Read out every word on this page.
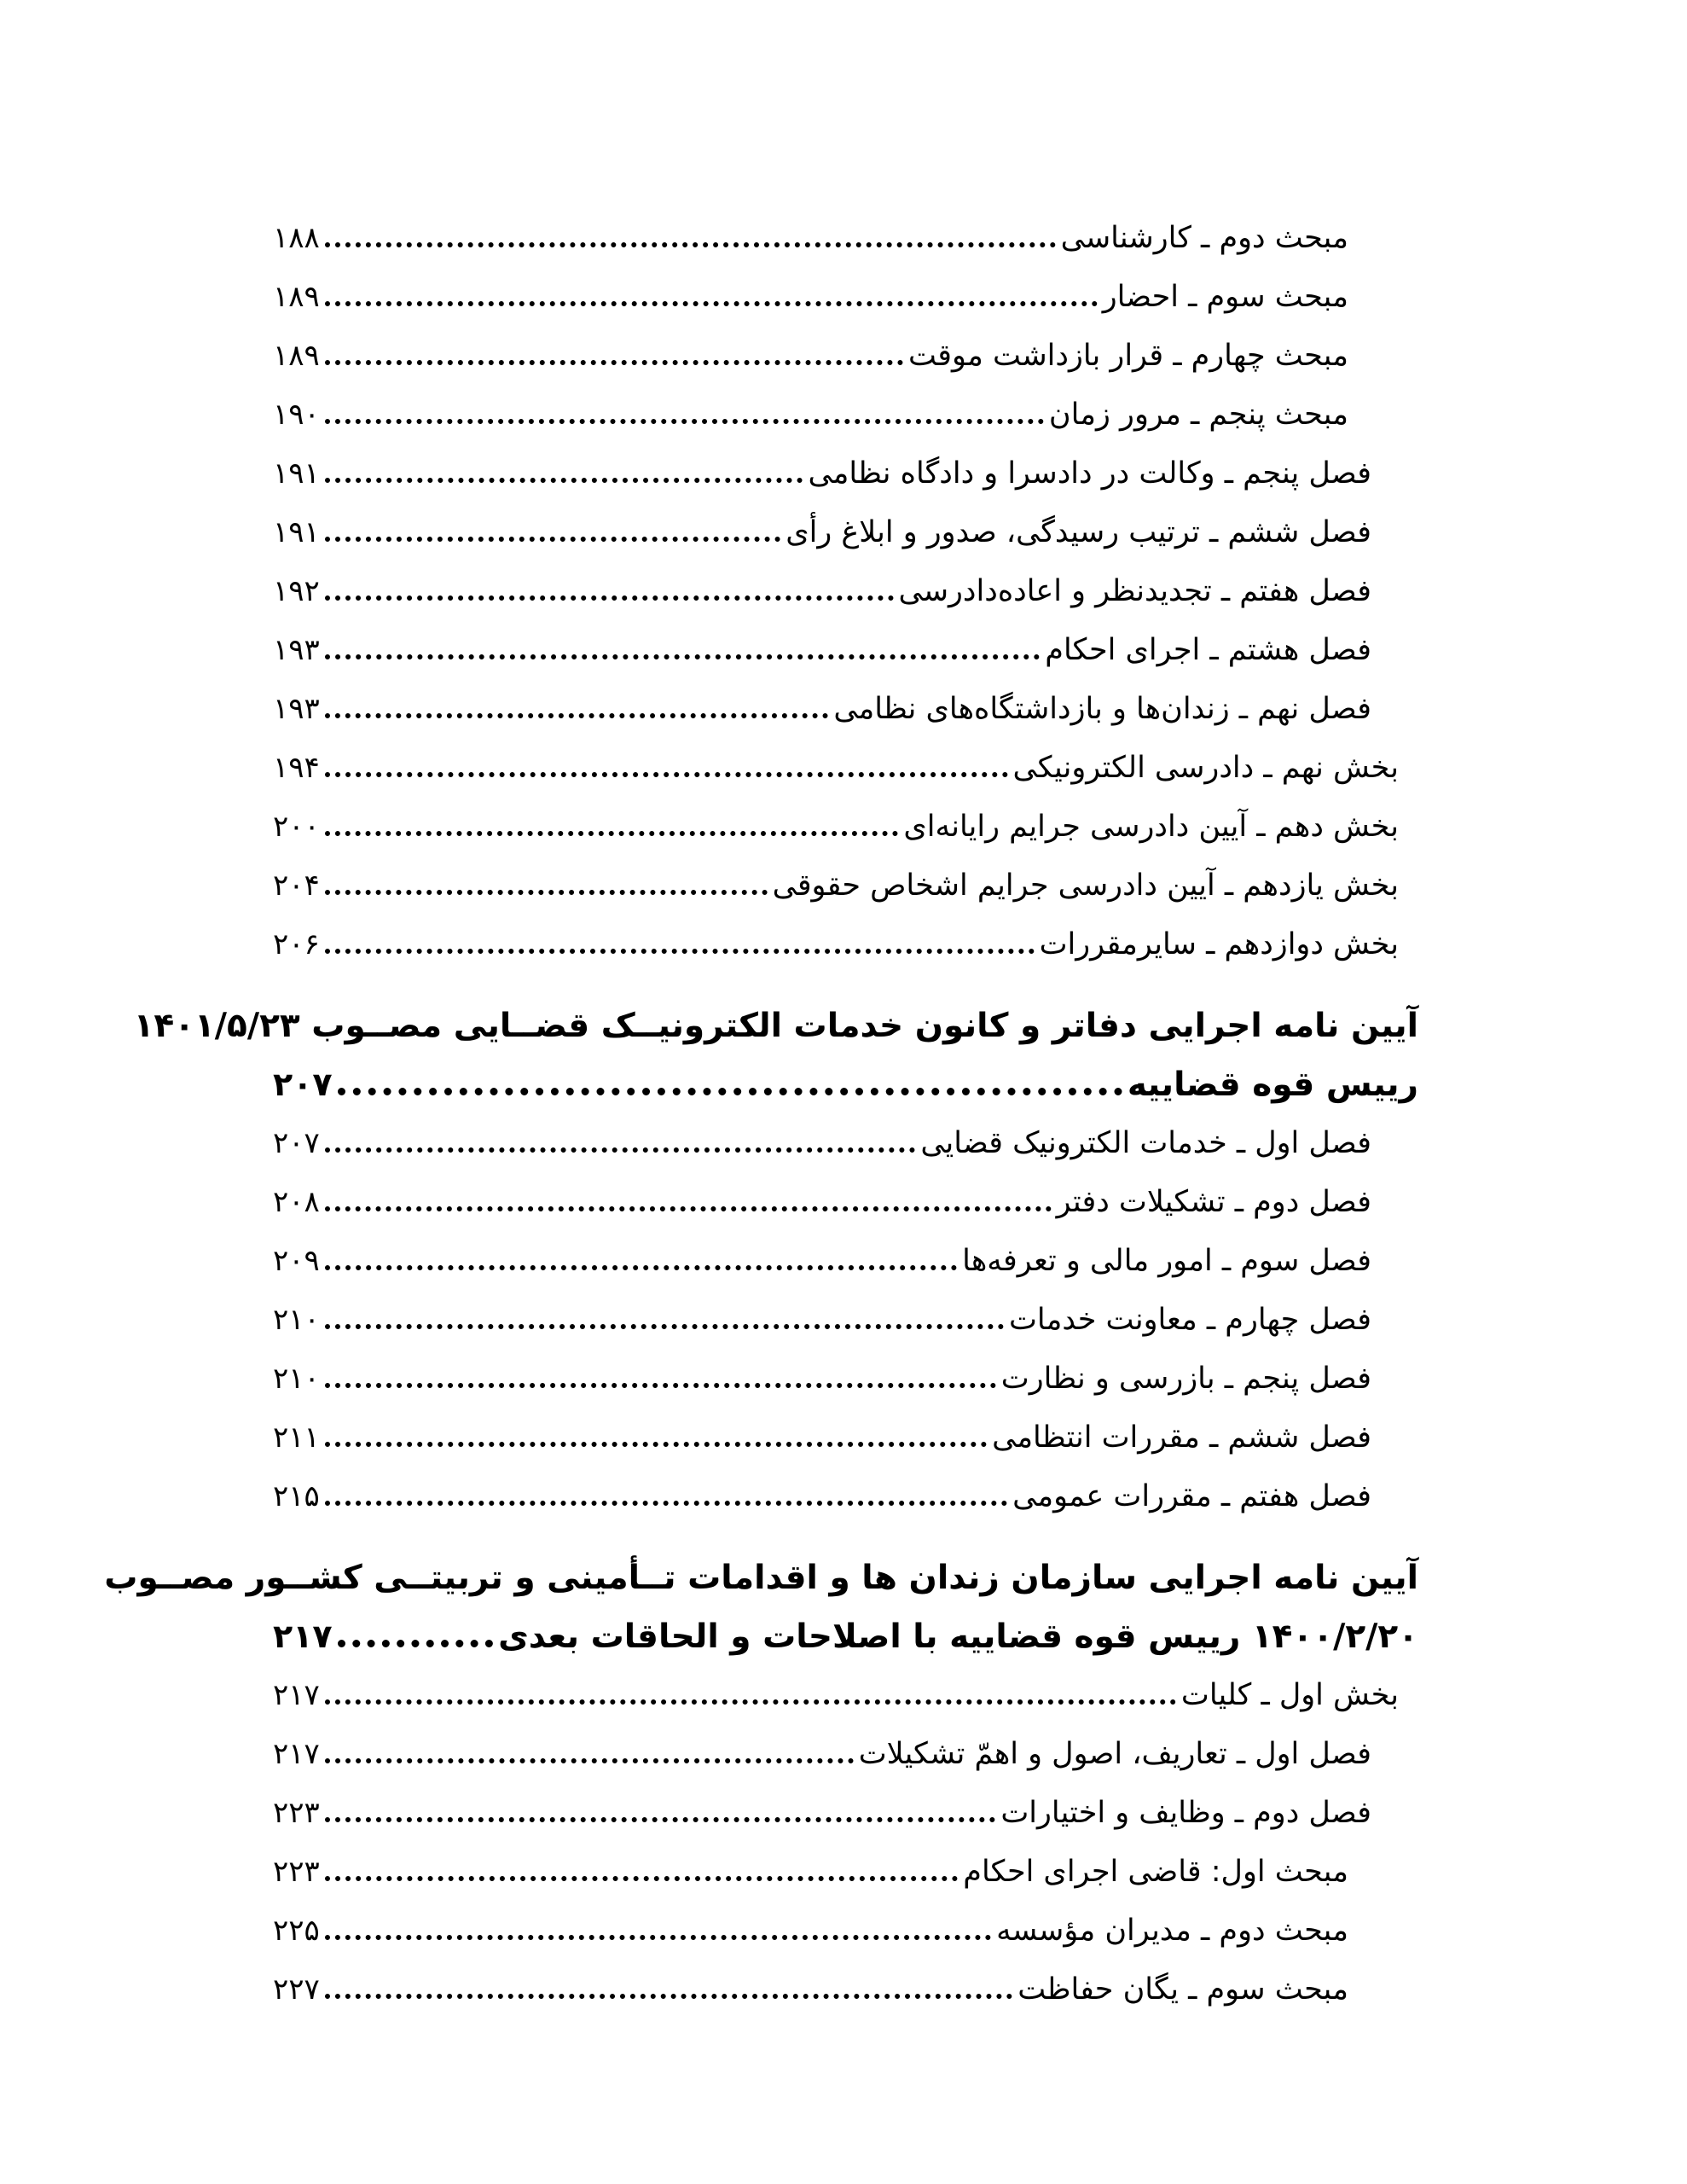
مبحث دوم ـ کارشناسی
۱۸۸
مبحث سوم ـ احضار
۱۸۹
مبحث چهارم ـ قرار بازداشت موقت
۱۸۹
مبحث پنجم ـ مرور زمان
۱۹۰
فصل پنجم ـ وکالت در دادسرا و دادگاه نظامی
۱۹۱
فصل ششم ـ ترتیب رسیدگی، صدور و ابلاغ رأی
۱۹۱
فصل هفتم ـ تجدیدنظر و اعاده‌دادرسی
۱۹۲
فصل هشتم ـ اجرای احکام
۱۹۳
فصل نهم ـ زندان‌ها و بازداشتگاه‌های نظامی
۱۹۳
بخش نهم ـ دادرسی الکترونیکی
۱۹۴
بخش دهم ـ آیین دادرسی جرایم رایانه‌ای
۲۰۰
بخش یازدهم ـ آیین دادرسی جرایم اشخاص حقوقی
۲۰۴
بخش دوازدهم ـ سایرمقررات
۲۰۶
آیین نامه اجرایی دفاتر و کانون خدمات الکترونیــک قضــایی مصــوب ۱۴۰۱/۵/۲۳
رییس قوه قضاییه
۲۰۷
فصل اول ـ خدمات الکترونیک قضایی
۲۰۷
فصل دوم ـ تشکیلات دفتر
۲۰۸
فصل سوم ـ امور مالی و تعرفه‌ها
۲۰۹
فصل چهارم ـ معاونت خدمات
۲۱۰
فصل پنجم ـ بازرسی و نظارت
۲۱۰
فصل ششم ـ مقررات انتظامی
۲۱۱
فصل هفتم ـ مقررات عمومی
۲۱۵
آیین نامه اجرایی سازمان زندان ها و اقدامات تــأمینی و تربیتــی کشــور مصــوب
۱۴۰۰/۲/۲۰ رییس قوه قضاییه با اصلاحات و الحاقات بعدی
۲۱۷
بخش اول ـ کلیات
۲۱۷
فصل اول ـ تعاریف، اصول و اهمّ تشکیلات
۲۱۷
فصل دوم ـ وظایف و اختیارات
۲۲۳
مبحث اول: قاضی اجرای احکام
۲۲۳
مبحث دوم ـ مدیران مؤسسه
۲۲۵
مبحث سوم ـ یگان حفاظت
۲۲۷
